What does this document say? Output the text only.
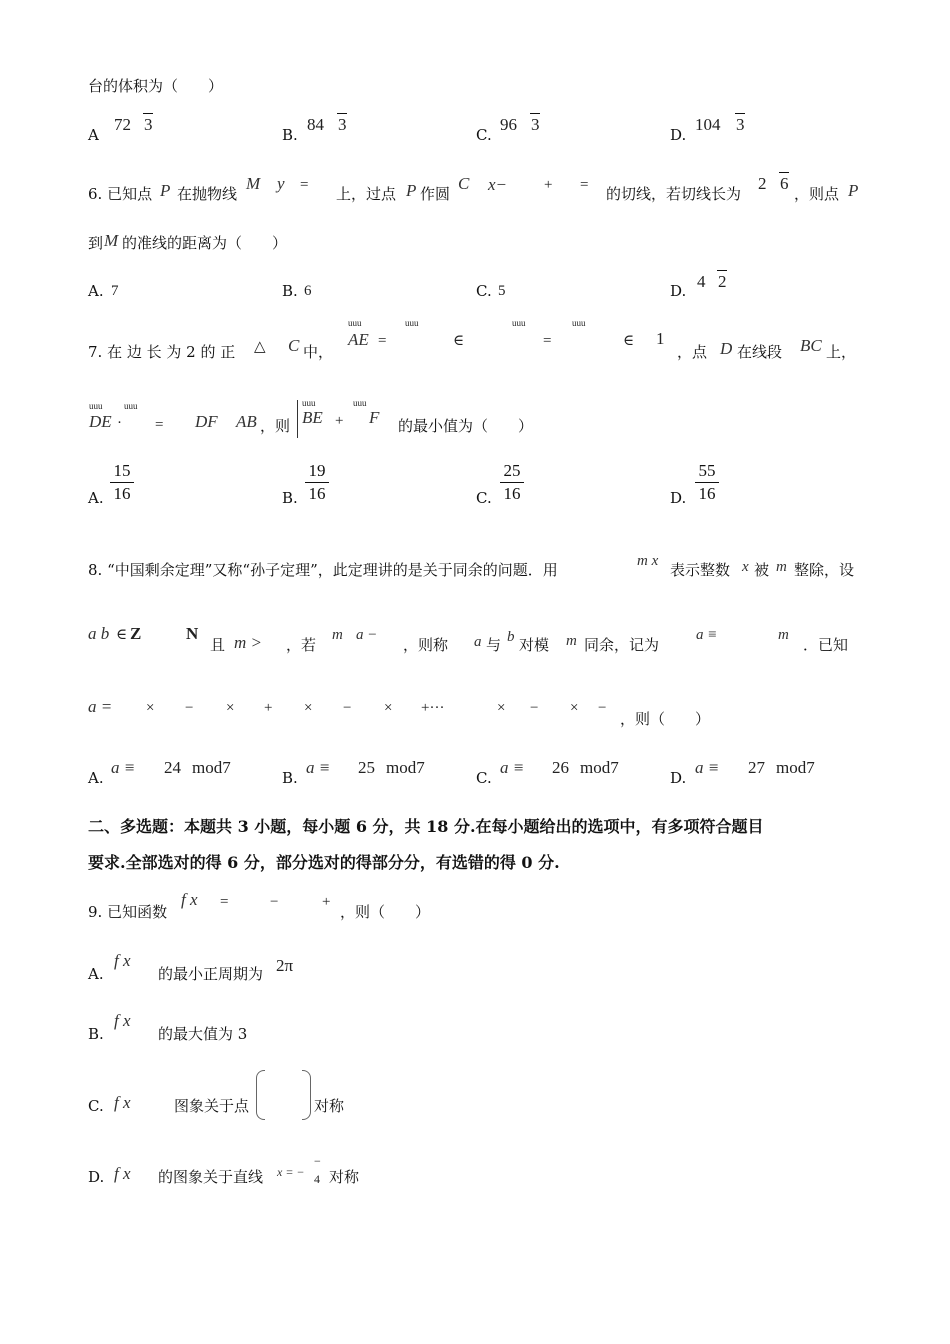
台的体积为（　　）
A
72 3
B.
84 3
C.
96 3
D.
104 3
6. 已知点 P 在抛物线
M y = 上，过点 P 作圆
C x− + = 的切线，若切线长为
2 6
，则点 P
到 M 的准线的距离为（　　）
A. 7	B. 6	C. 5	D. 4 2
7. 在 边 长 为 2 的 正 △ C 中，
uuu
AE =
uuu
∈
uuu
=
uuu
∈ 1
，点 D 在线段 BC 上，
uuu uuu
DE · = DF AB ，则
uuu
BE +
uuu
F 的最小值为（　　）
A.
15
16	B.
19
16	C.
25
16	D.
55
16
8. “中国剩余定理”又称“孙子定理”，此定理讲的是关于同余的问题．用	m x 表示整数 x 被 m 整除，设
a b ∈ Z	N
且 m > ，若
m a −
，则称 a 与 b 对模 m 同余，记为
a ≡	m
．已知
a = × − × + × − × +···	× − × −
，则（　　）
A.
a ≡ 24 mod7
B.
a ≡ 25 mod7
C.
a ≡ 26 mod7
D.
a ≡ 27 mod7
二、多选题：本题共 3 小题，每小题 6 分，共 18 分.在每小题给出的选项中，有多项符合题目
要求.全部选对的得 6 分，部分选对的得部分分，有选错的得 0 分.
9. 已知函数
f x =	−	+
，则（　　）
A.
f x
的最小正周期为 2π
B.
f x
的最大值为 3
C. f x	图象关于点	对称
D. f x 的图象关于直线 x = −
−
4 对称
